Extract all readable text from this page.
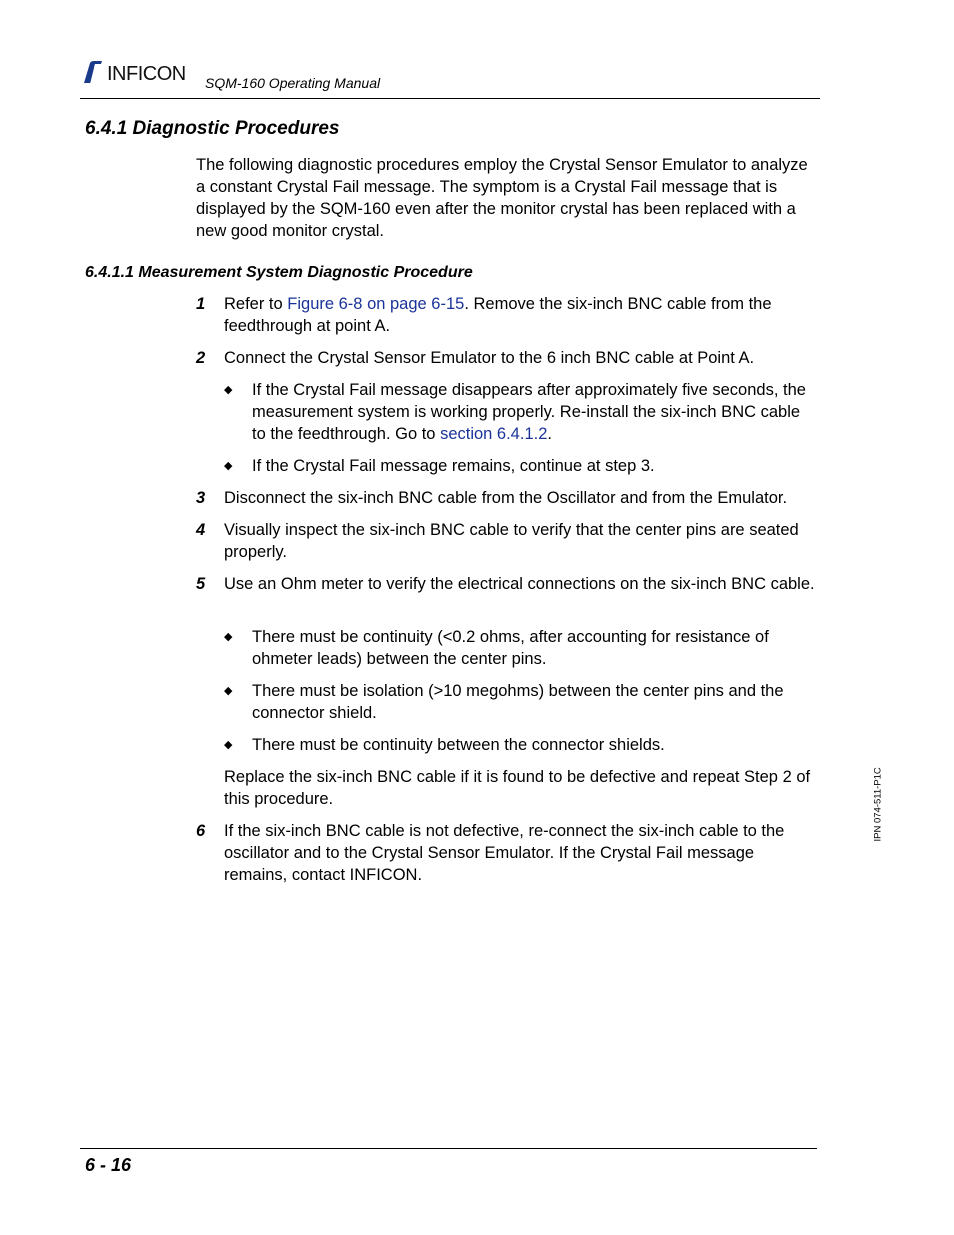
INFICON SQM-160 Operating Manual
6.4.1 Diagnostic Procedures
The following diagnostic procedures employ the Crystal Sensor Emulator to analyze a constant Crystal Fail message. The symptom is a Crystal Fail message that is displayed by the SQM-160 even after the monitor crystal has been replaced with a new good monitor crystal.
6.4.1.1 Measurement System Diagnostic Procedure
1 Refer to Figure 6-8 on page 6-15. Remove the six-inch BNC cable from the feedthrough at point A.
2 Connect the Crystal Sensor Emulator to the 6 inch BNC cable at Point A.
◆ If the Crystal Fail message disappears after approximately five seconds, the measurement system is working properly. Re-install the six-inch BNC cable to the feedthrough. Go to section 6.4.1.2.
◆ If the Crystal Fail message remains, continue at step 3.
3 Disconnect the six-inch BNC cable from the Oscillator and from the Emulator.
4 Visually inspect the six-inch BNC cable to verify that the center pins are seated properly.
5 Use an Ohm meter to verify the electrical connections on the six-inch BNC cable.
◆ There must be continuity (<0.2 ohms, after accounting for resistance of ohmeter leads) between the center pins.
◆ There must be isolation (>10 megohms) between the center pins and the connector shield.
◆ There must be continuity between the connector shields.
Replace the six-inch BNC cable if it is found to be defective and repeat Step 2 of this procedure.
6 If the six-inch BNC cable is not defective, re-connect the six-inch cable to the oscillator and to the Crystal Sensor Emulator. If the Crystal Fail message remains, contact INFICON.
IPN 074-511-P1C
6 - 16
